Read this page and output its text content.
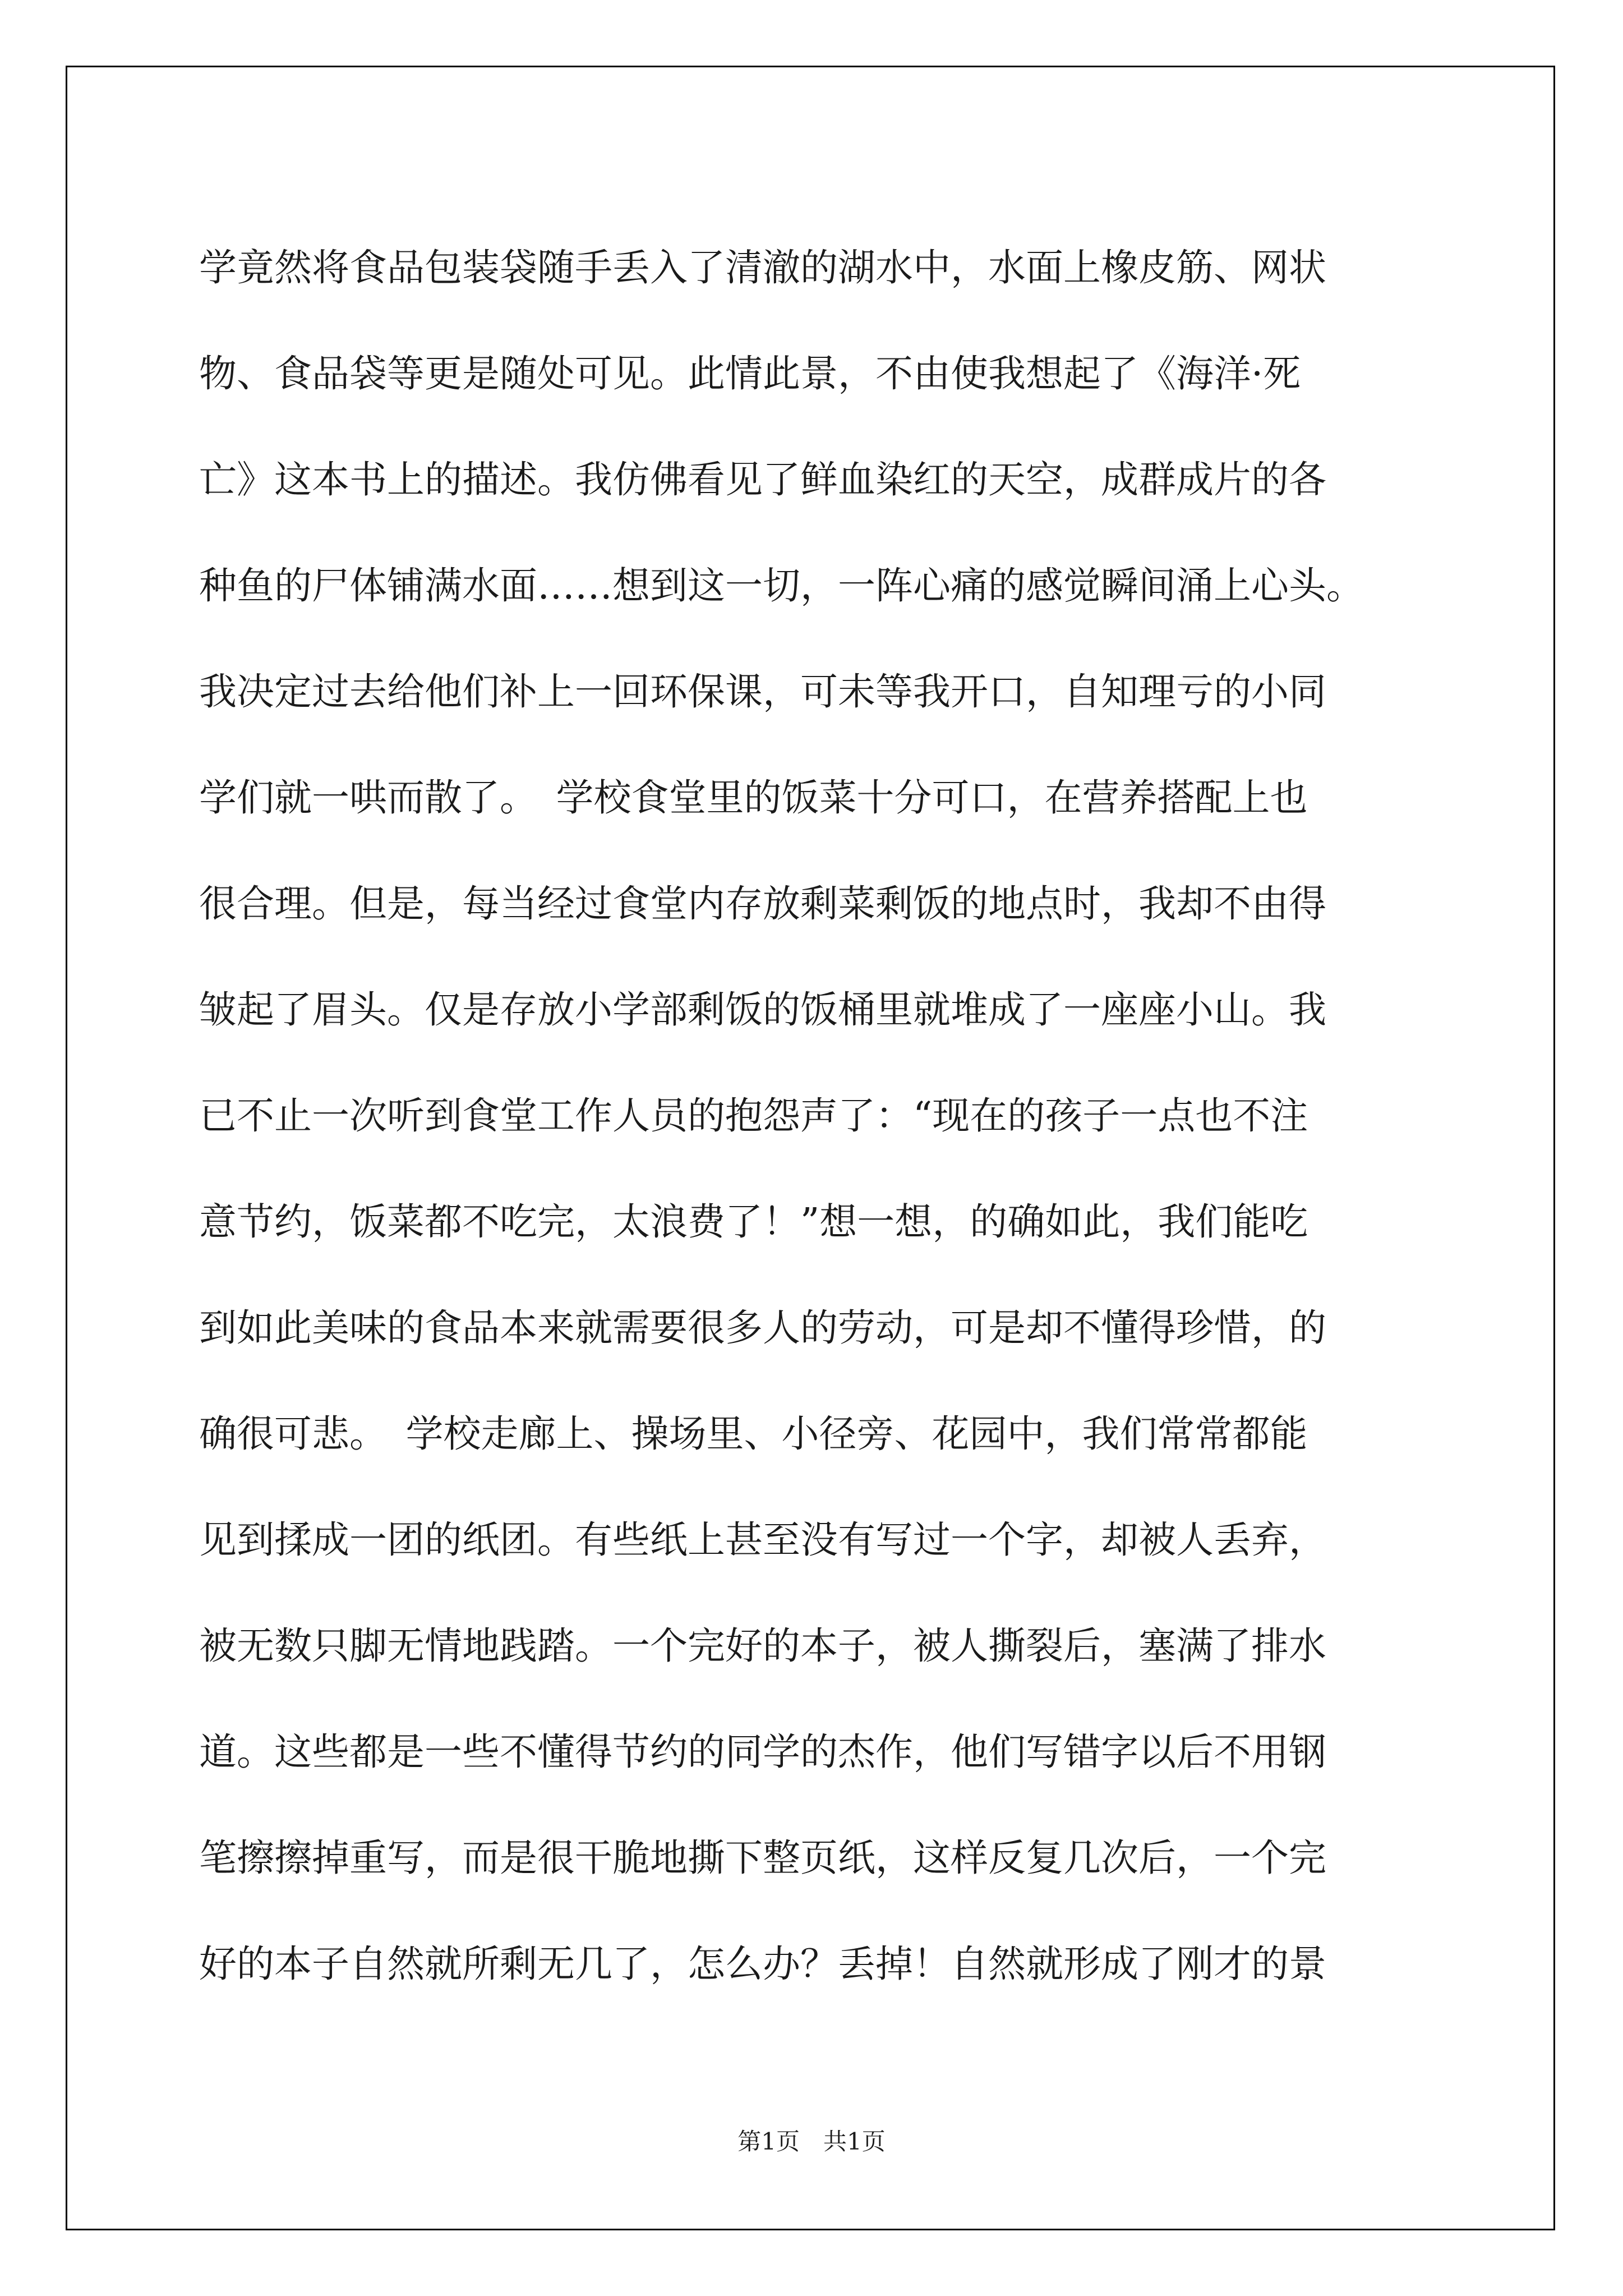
学竟然将食品包装袋随手丢入了清澈的湖水中，水面上橡皮筋、网状
物、食品袋等更是随处可见。此情此景，不由使我想起了《海洋·死
亡》这本书上的描述。我仿佛看见了鲜血染红的天空，成群成片的各
种鱼的尸体铺满水面……想到这一切，一阵心痛的感觉瞬间涌上心头。
我决定过去给他们补上一回环保课，可未等我开口，自知理亏的小同
学们就一哄而散了。　学校食堂里的饭菜十分可口，在营养搭配上也
很合理。但是，每当经过食堂内存放剩菜剩饭的地点时，我却不由得
皱起了眉头。仅是存放小学部剩饭的饭桶里就堆成了一座座小山。我
已不止一次听到食堂工作人员的抱怨声了：“现在的孩子一点也不注
意节约，饭菜都不吃完，太浪费了！”想一想，的确如此，我们能吃
到如此美味的食品本来就需要很多人的劳动，可是却不懂得珍惜，的
确很可悲。　学校走廊上、操场里、小径旁、花园中，我们常常都能
见到揉成一团的纸团。有些纸上甚至没有写过一个字，却被人丢弃，
被无数只脚无情地践踏。一个完好的本子，被人撕裂后，塞满了排水
道。这些都是一些不懂得节约的同学的杰作，他们写错字以后不用钢
笔擦擦掉重写，而是很干脆地撕下整页纸，这样反复几次后，一个完
好的本子自然就所剩无几了，怎么办？丢掉！自然就形成了刚才的景
第1页　共1页
